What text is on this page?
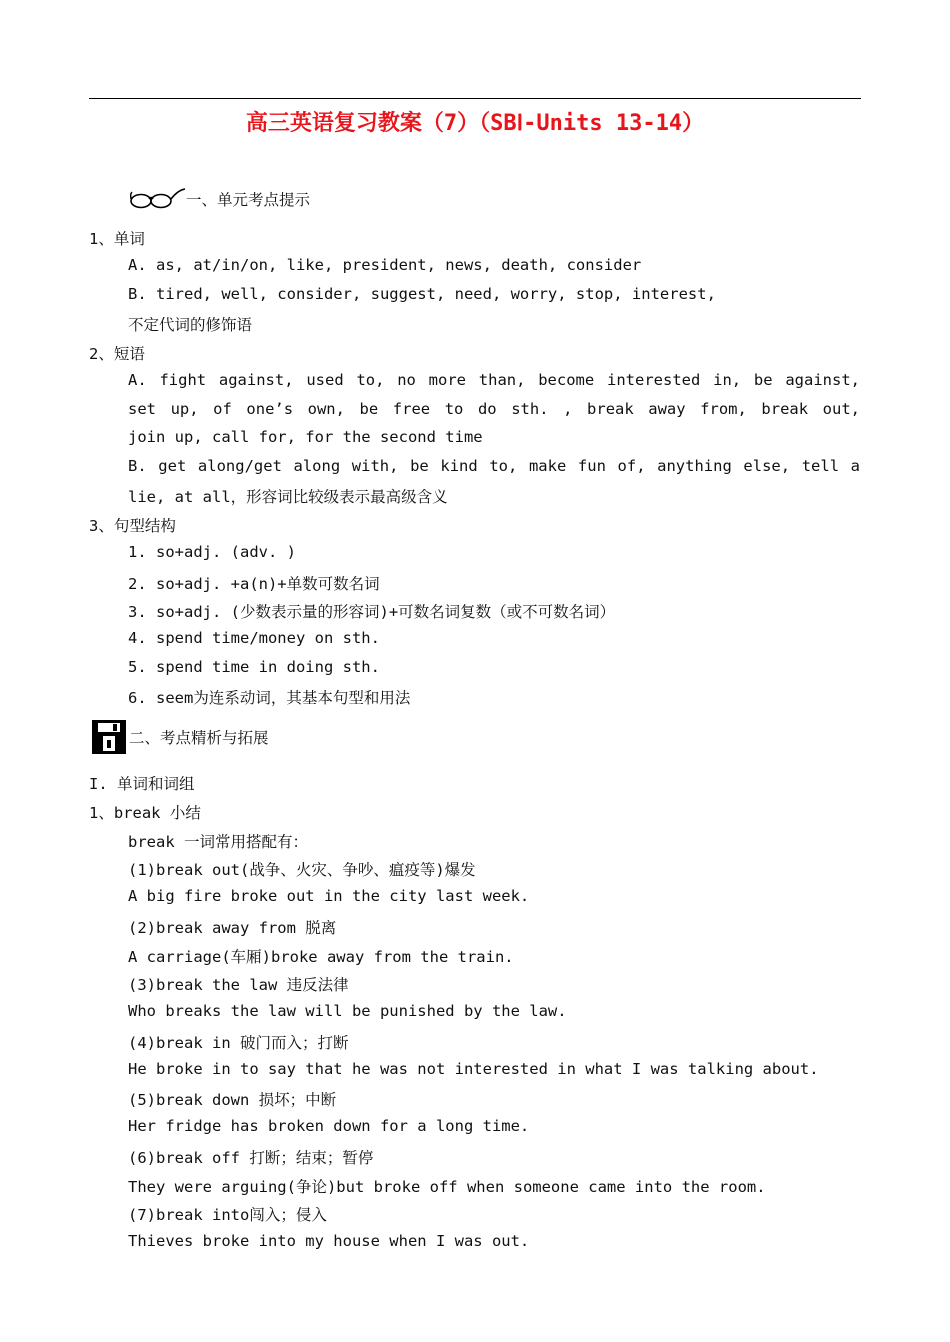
高三英语复习教案（7）（SBⅠ-Units 13-14）
一、单元考点提示
1、单词
A. as, at/in/on, like, president, news, death, consider
B. tired, well, consider, suggest, need, worry, stop, interest,
不定代词的修饰语
2、短语
A. fight against, used to, no more than, become interested in, be against,
set up, of one’s own, be free to do sth. , break away from, break out,
join up, call for, for the second time
B. get along/get along with, be kind to, make fun of, anything else, tell a
lie, at all，形容词比较级表示最高级含义
3、句型结构
1. so+adj. (adv. )
2. so+adj. +a(n)+单数可数名词
3. so+adj. (少数表示量的形容词)+可数名词复数（或不可数名词）
4. spend time/money on sth.
5. spend time in doing sth.
6. seem为连系动词，其基本句型和用法
二、考点精析与拓展
I. 单词和词组
1、break 小结
break 一词常用搭配有：
(1)break out(战争、火灾、争吵、瘟疫等)爆发
A big fire broke out in the city last week.
(2)break away from 脱离
A carriage(车厢)broke away from the train.
(3)break the law 违反法律
Who breaks the law will be punished by the law.
(4)break in 破门而入；打断
He broke in to say that he was not interested in what I was talking about.
(5)break down 损坏；中断
Her fridge has broken down for a long time.
(6)break off 打断；结束；暂停
They were arguing(争论)but broke off when someone came into the room.
(7)break into闯入；侵入
Thieves broke into my house when I was out.
